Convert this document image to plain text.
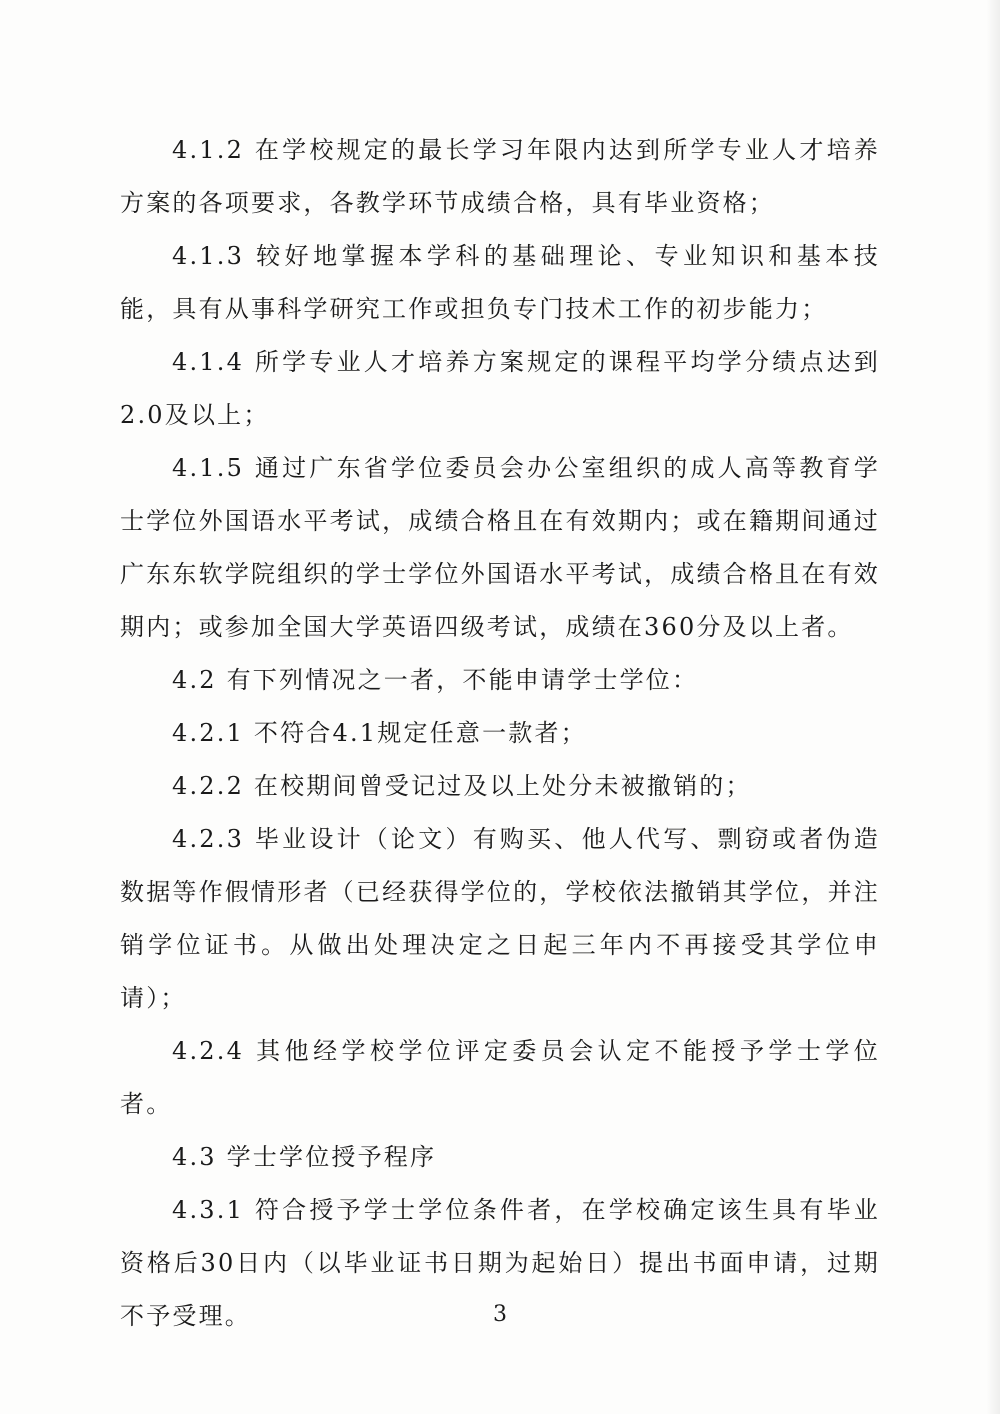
4.1.2 在学校规定的最长学习年限内达到所学专业人才培养方案的各项要求，各教学环节成绩合格，具有毕业资格；

4.1.3 较好地掌握本学科的基础理论、专业知识和基本技能，具有从事科学研究工作或担负专门技术工作的初步能力；

4.1.4 所学专业人才培养方案规定的课程平均学分绩点达到2.0及以上；

4.1.5 通过广东省学位委员会办公室组织的成人高等教育学士学位外国语水平考试，成绩合格且在有效期内；或在籍期间通过广东东软学院组织的学士学位外国语水平考试，成绩合格且在有效期内；或参加全国大学英语四级考试，成绩在360分及以上者。

4.2 有下列情况之一者，不能申请学士学位：

4.2.1 不符合4.1规定任意一款者；

4.2.2 在校期间曾受记过及以上处分未被撤销的；

4.2.3 毕业设计（论文）有购买、他人代写、剽窃或者伪造数据等作假情形者（已经获得学位的，学校依法撤销其学位，并注销学位证书。从做出处理决定之日起三年内不再接受其学位申请）；

4.2.4 其他经学校学位评定委员会认定不能授予学士学位者。

4.3 学士学位授予程序

4.3.1 符合授予学士学位条件者，在学校确定该生具有毕业资格后30日内（以毕业证书日期为起始日）提出书面申请，过期不予受理。	3
